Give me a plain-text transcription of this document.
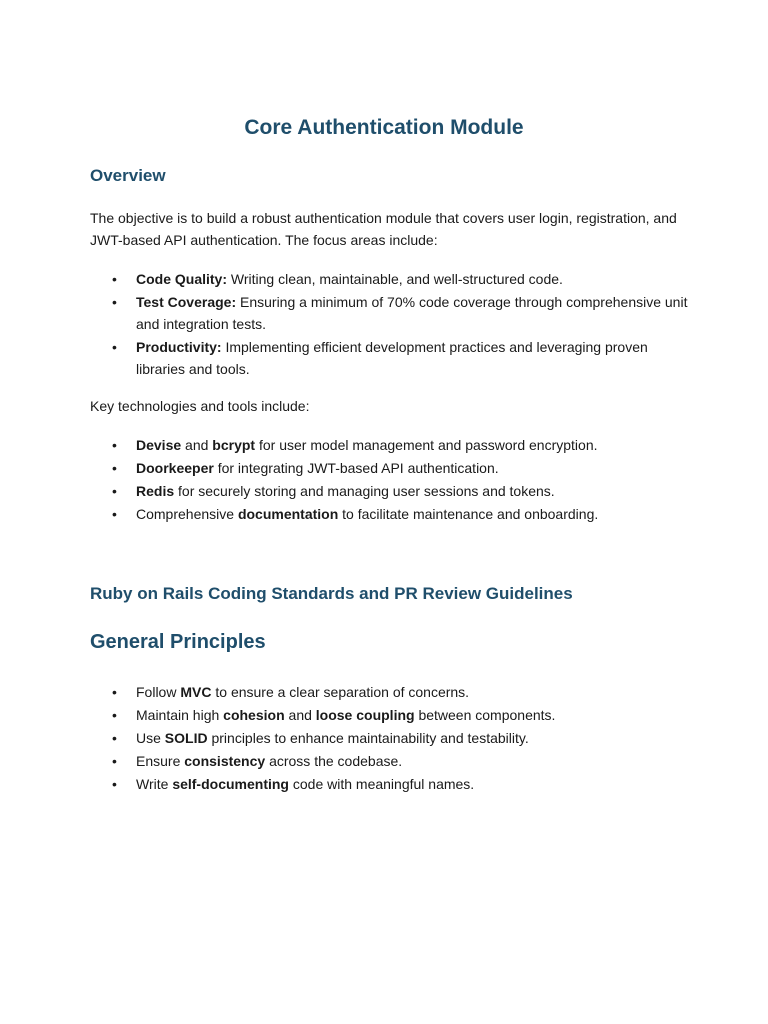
Core Authentication Module
Overview

The objective is to build a robust authentication module that covers user login, registration, and JWT-based API authentication. The focus areas include:

• Code Quality: Writing clean, maintainable, and well-structured code.
• Test Coverage: Ensuring a minimum of 70% code coverage through comprehensive unit and integration tests.
• Productivity: Implementing efficient development practices and leveraging proven libraries and tools.

Key technologies and tools include:

• Devise and bcrypt for user model management and password encryption.
• Doorkeeper for integrating JWT-based API authentication.
• Redis for securely storing and managing user sessions and tokens.
• Comprehensive documentation to facilitate maintenance and onboarding.
Ruby on Rails Coding Standards and PR Review Guidelines
General Principles
• Follow MVC to ensure a clear separation of concerns.
• Maintain high cohesion and loose coupling between components.
• Use SOLID principles to enhance maintainability and testability.
• Ensure consistency across the codebase.
• Write self-documenting code with meaningful names.
